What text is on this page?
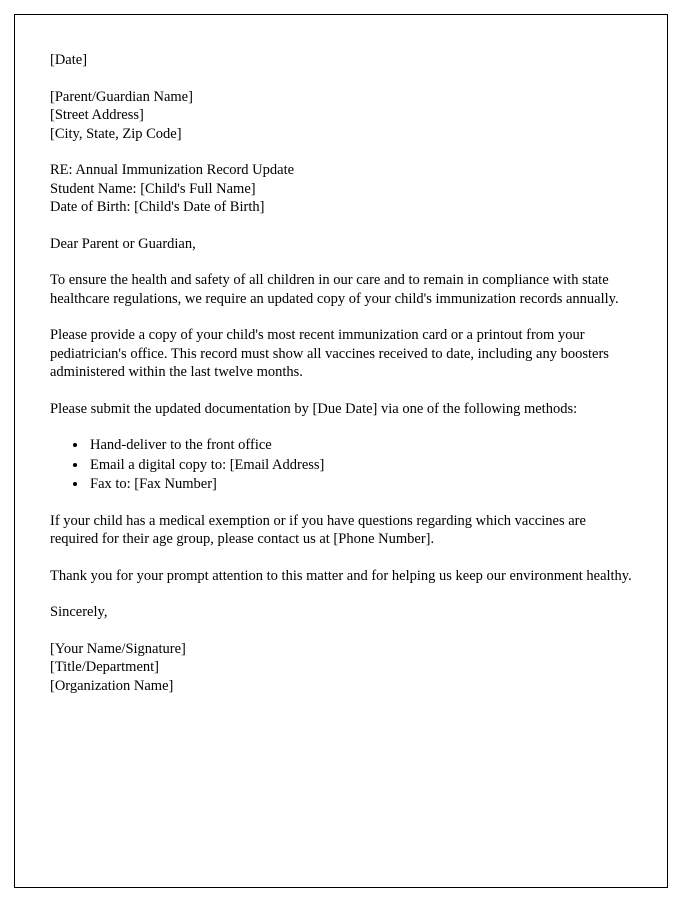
[Date]
[Parent/Guardian Name]
[Street Address]
[City, State, Zip Code]
RE: Annual Immunization Record Update
Student Name: [Child's Full Name]
Date of Birth: [Child's Date of Birth]

Dear Parent or Guardian,

To ensure the health and safety of all children in our care and to remain in compliance with state healthcare regulations, we require an updated copy of your child's immunization records annually.

Please provide a copy of your child's most recent immunization card or a printout from your pediatrician's office. This record must show all vaccines received to date, including any boosters administered within the last twelve months.

Please submit the updated documentation by [Due Date] via one of the following methods:

• Hand-deliver to the front office
• Email a digital copy to: [Email Address]
• Fax to: [Fax Number]

If your child has a medical exemption or if you have questions regarding which vaccines are required for their age group, please contact us at [Phone Number].

Thank you for your prompt attention to this matter and for helping us keep our environment healthy.

Sincerely,

[Your Name/Signature]
[Title/Department]
[Organization Name]
